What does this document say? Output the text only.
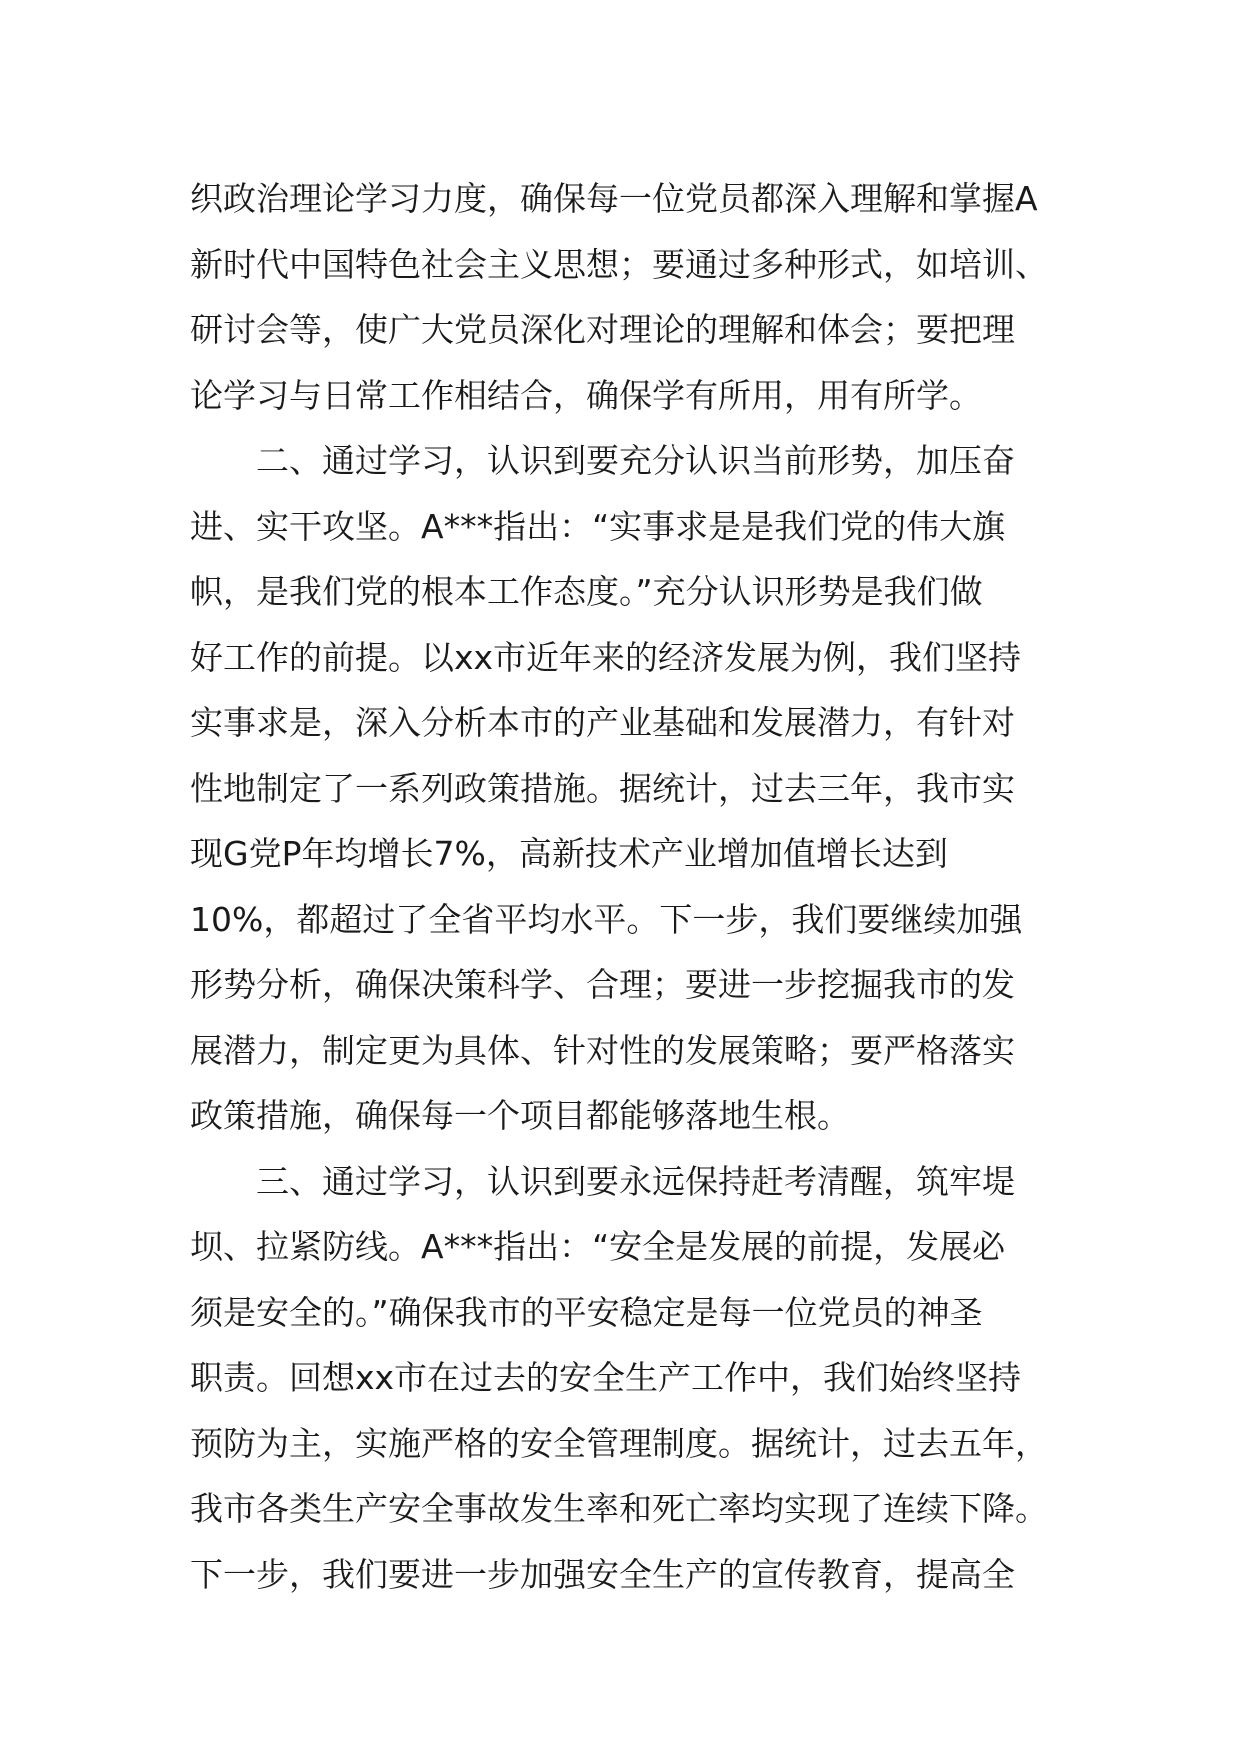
织政治理论学习力度，确保每一位党员都深入理解和掌握A
新时代中国特色社会主义思想；要通过多种形式，如培训、
研讨会等，使广大党员深化对理论的理解和体会；要把理
论学习与日常工作相结合，确保学有所用，用有所学。
二、通过学习，认识到要充分认识当前形势，加压奋
进、实干攻坚。A***指出：“实事求是是我们党的伟大旗
帜，是我们党的根本工作态度。”充分认识形势是我们做
好工作的前提。以xx市近年来的经济发展为例，我们坚持
实事求是，深入分析本市的产业基础和发展潜力，有针对
性地制定了一系列政策措施。据统计，过去三年，我市实
现G党P年均增长7%，高新技术产业增加值增长达到
10%，都超过了全省平均水平。下一步，我们要继续加强
形势分析，确保决策科学、合理；要进一步挖掘我市的发
展潜力，制定更为具体、针对性的发展策略；要严格落实
政策措施，确保每一个项目都能够落地生根。
三、通过学习，认识到要永远保持赶考清醒，筑牢堤
坝、拉紧防线。A***指出：“安全是发展的前提，发展必
须是安全的。”确保我市的平安稳定是每一位党员的神圣
职责。回想xx市在过去的安全生产工作中，我们始终坚持
预防为主，实施严格的安全管理制度。据统计，过去五年，
我市各类生产安全事故发生率和死亡率均实现了连续下降。
下一步，我们要进一步加强安全生产的宣传教育，提高全
